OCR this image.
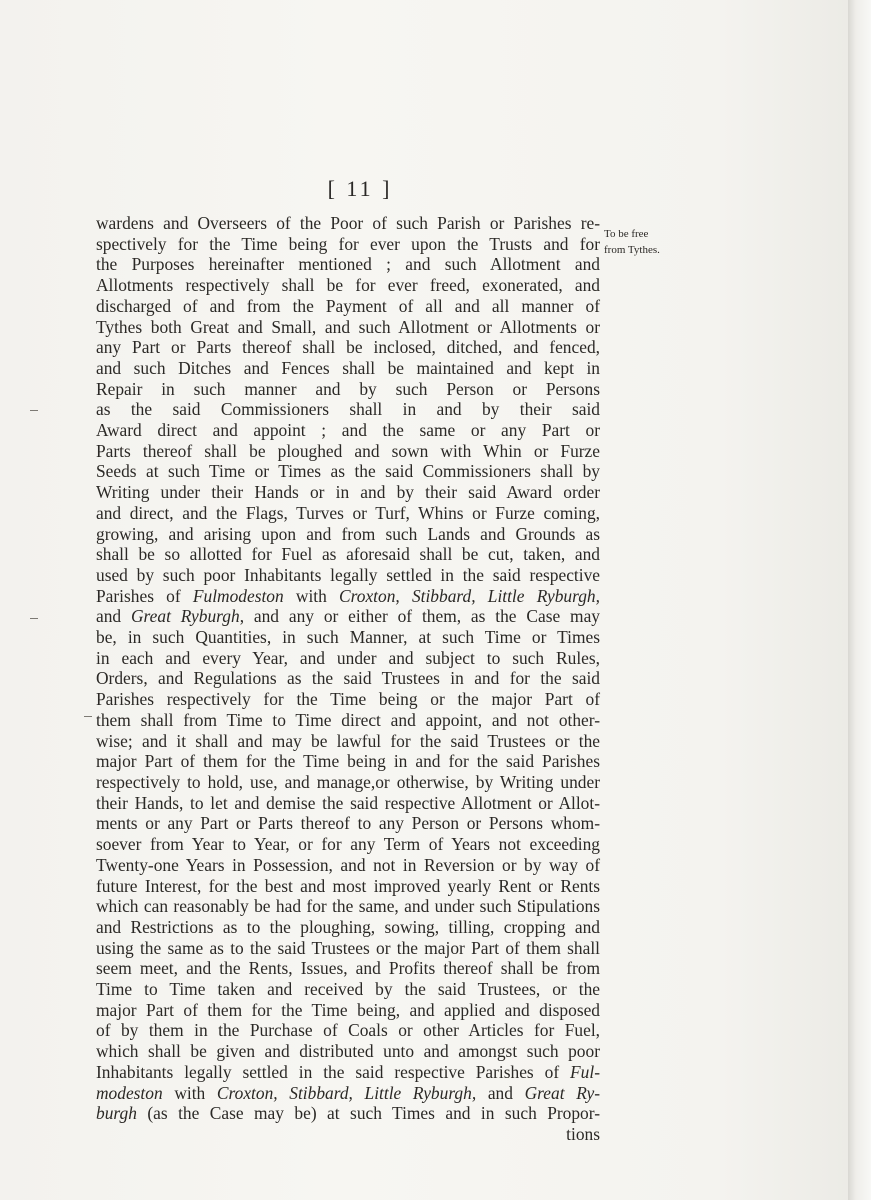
[ 11 ]
To be free
from Tythes.
wardens and Overseers of the Poor of such Parish or Parishes re-
spectively for the Time being for ever upon the Trusts and for
the Purposes hereinafter mentioned ; and such Allotment and
Allotments respectively shall be for ever freed, exonerated, and
discharged of and from the Payment of all and all manner of
Tythes both Great and Small, and such Allotment or Allotments or
any Part or Parts thereof shall be inclosed, ditched, and fenced,
and such Ditches and Fences shall be maintained and kept in
Repair in such manner and by such Person or Persons
as the said Commissioners shall in and by their said
Award direct and appoint ; and the same or any Part or
Parts thereof shall be ploughed and sown with Whin or Furze
Seeds at such Time or Times as the said Commissioners shall by
Writing under their Hands or in and by their said Award order
and direct, and the Flags, Turves or Turf, Whins or Furze coming,
growing, and arising upon and from such Lands and Grounds as
shall be so allotted for Fuel as aforesaid shall be cut, taken, and
used by such poor Inhabitants legally settled in the said respective
Parishes of Fulmodeston with Croxton, Stibbard, Little Ryburgh,
and Great Ryburgh, and any or either of them, as the Case may
be, in such Quantities, in such Manner, at such Time or Times
in each and every Year, and under and subject to such Rules,
Orders, and Regulations as the said Trustees in and for the said
Parishes respectively for the Time being or the major Part of
them shall from Time to Time direct and appoint, and not other-
wise; and it shall and may be lawful for the said Trustees or the
major Part of them for the Time being in and for the said Parishes
respectively to hold, use, and manage,or otherwise, by Writing under
their Hands, to let and demise the said respective Allotment or Allot-
ments or any Part or Parts thereof to any Person or Persons whom-
soever from Year to Year, or for any Term of Years not exceeding
Twenty-one Years in Possession, and not in Reversion or by way of
future Interest, for the best and most improved yearly Rent or Rents
which can reasonably be had for the same, and under such Stipulations
and Restrictions as to the ploughing, sowing, tilling, cropping and
using the same as to the said Trustees or the major Part of them shall
seem meet, and the Rents, Issues, and Profits thereof shall be from
Time to Time taken and received by the said Trustees, or the
major Part of them for the Time being, and applied and disposed
of by them in the Purchase of Coals or other Articles for Fuel,
which shall be given and distributed unto and amongst such poor
Inhabitants legally settled in the said respective Parishes of Ful-
modeston with Croxton, Stibbard, Little Ryburgh, and Great Ry-
burgh (as the Case may be) at such Times and in such Propor-
tions
